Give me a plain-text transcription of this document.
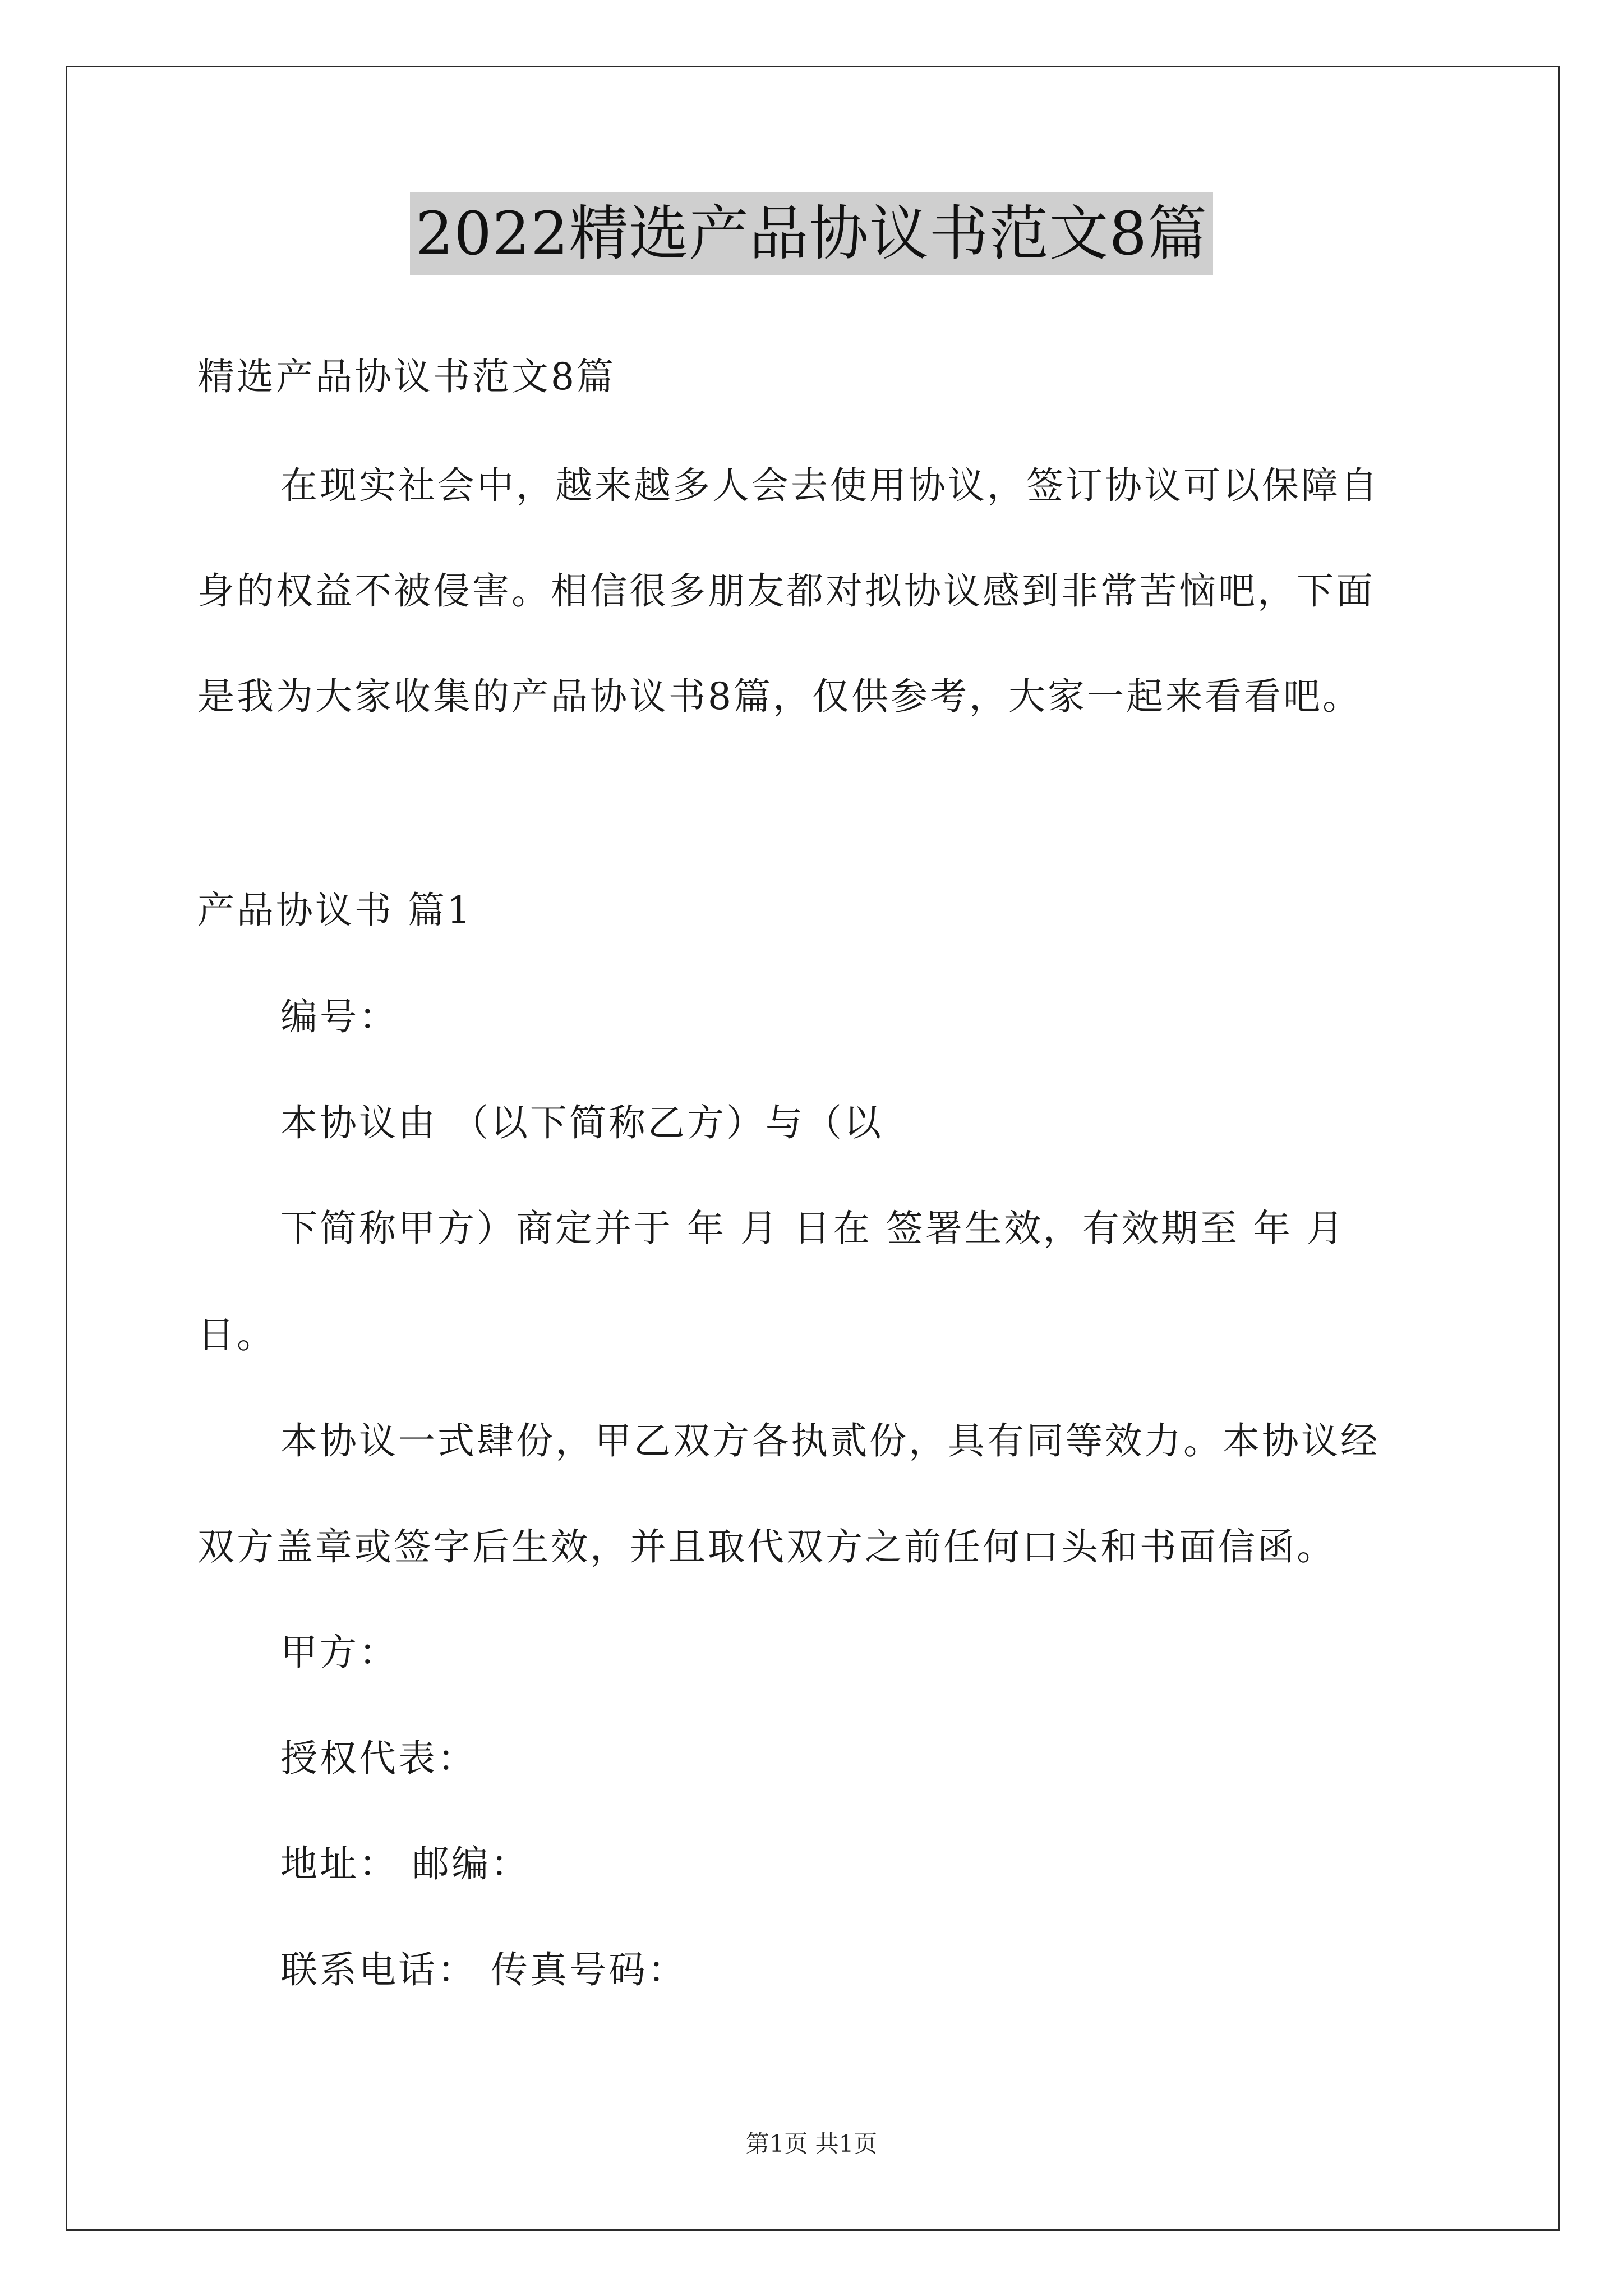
2022精选产品协议书范文8篇
精选产品协议书范文8篇
在现实社会中，越来越多人会去使用协议，签订协议可以保障自
身的权益不被侵害。相信很多朋友都对拟协议感到非常苦恼吧，下面
是我为大家收集的产品协议书8篇，仅供参考，大家一起来看看吧。
产品协议书 篇1
编号：
本协议由 （以下简称乙方）与（以
下简称甲方）商定并于 年 月 日在 签署生效，有效期至 年 月
日。
本协议一式肆份，甲乙双方各执贰份，具有同等效力。本协议经
双方盖章或签字后生效，并且取代双方之前任何口头和书面信函。
甲方：
授权代表：
地址： 邮编：
联系电话： 传真号码：
第1页 共1页
